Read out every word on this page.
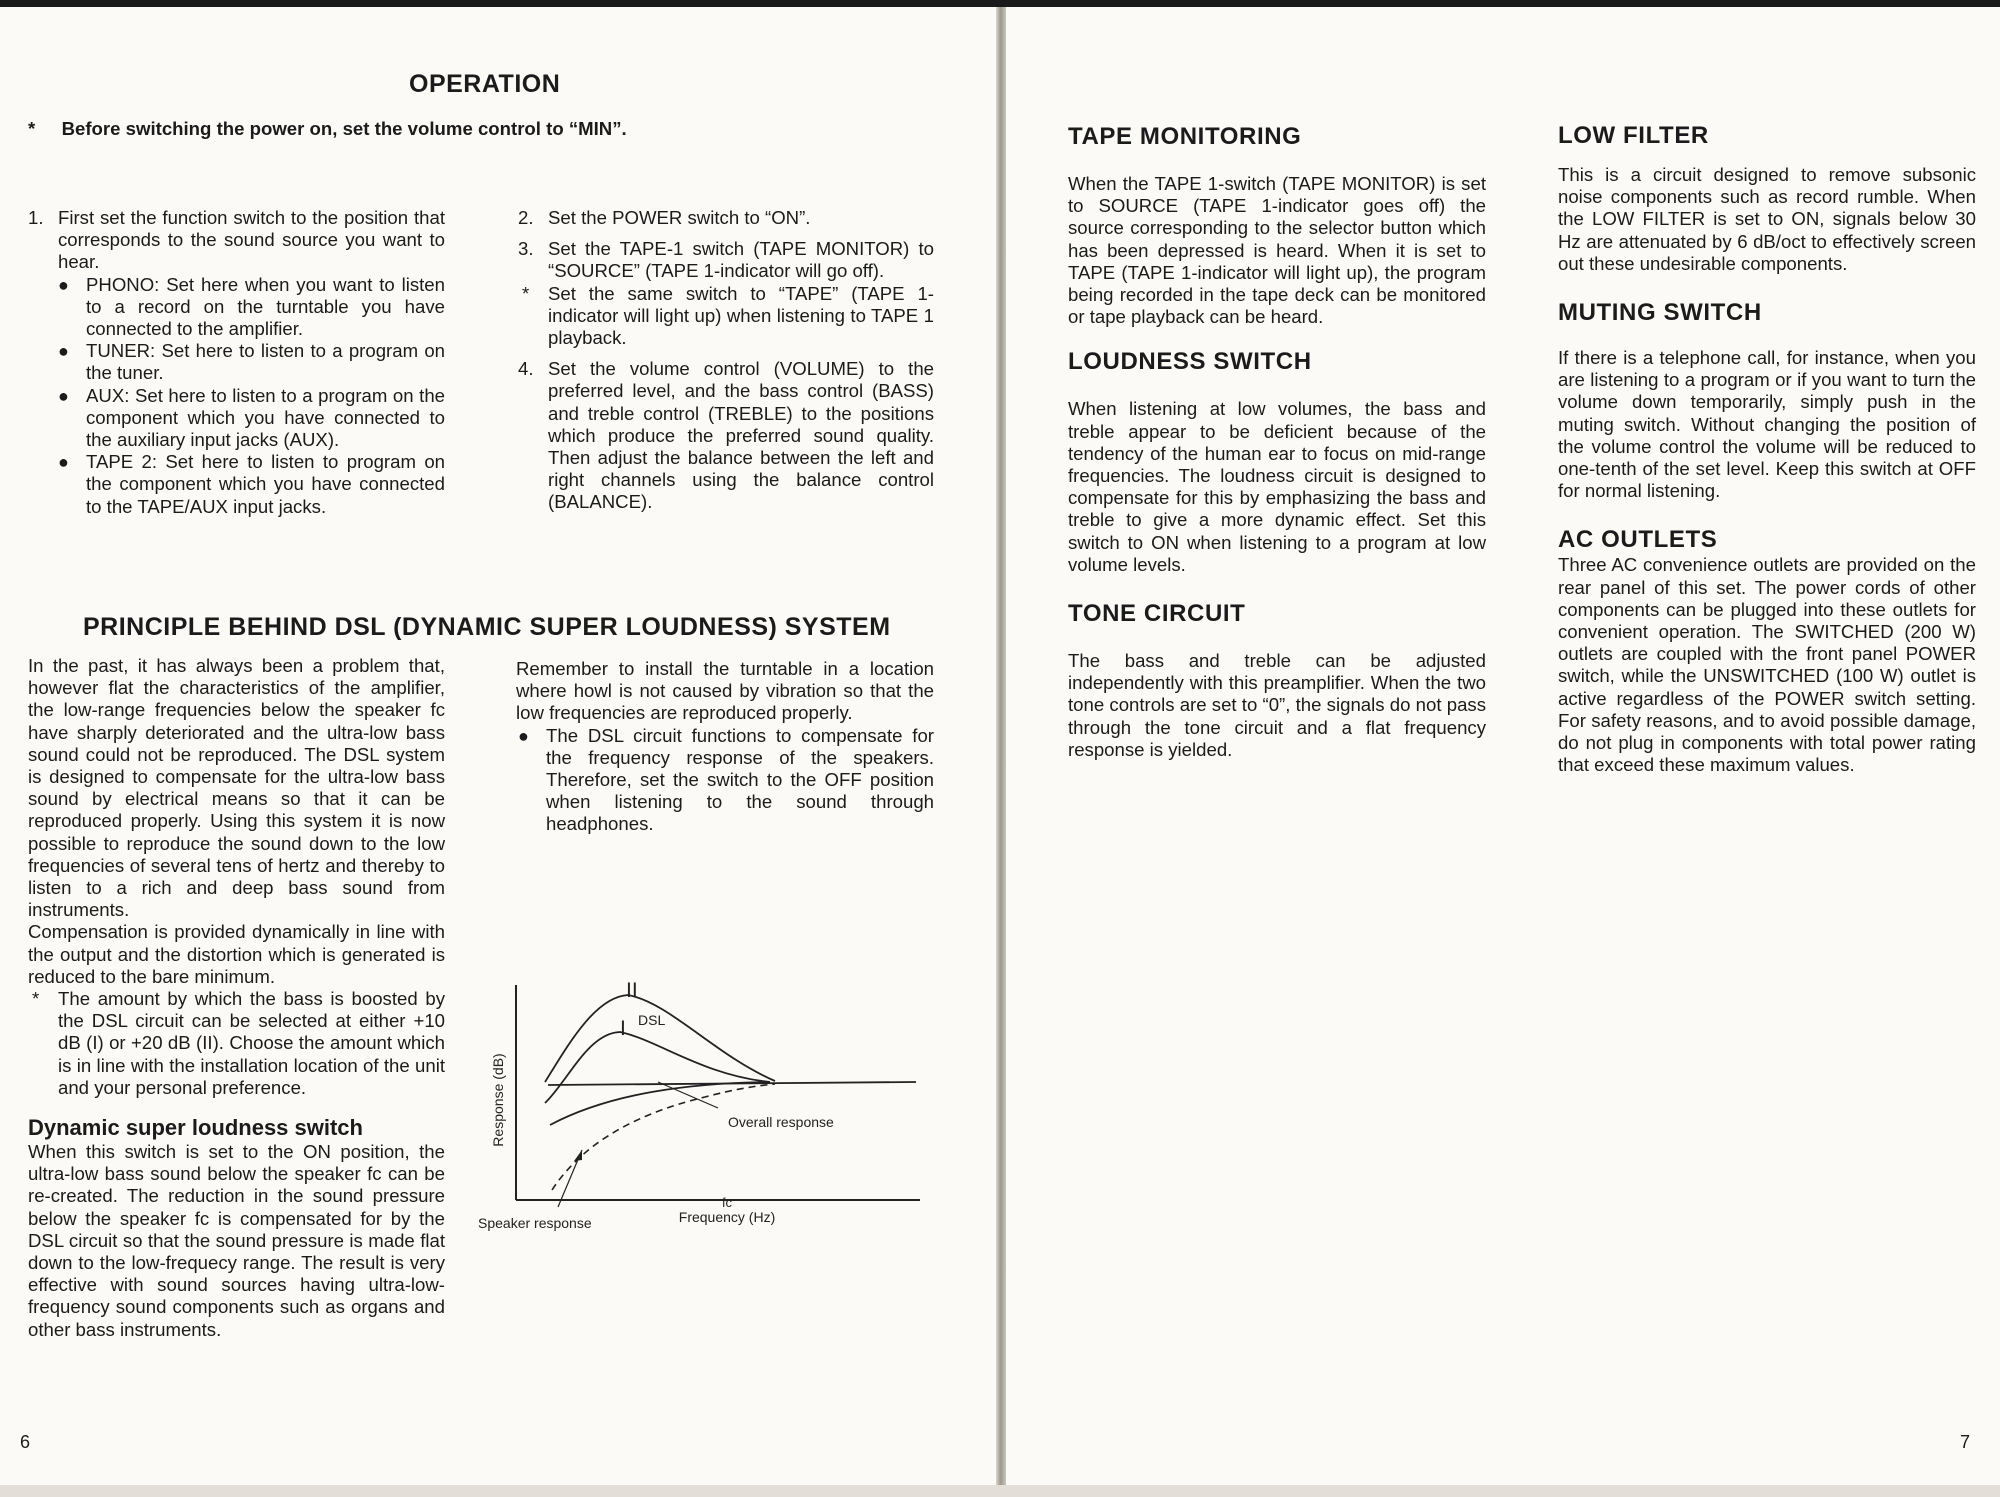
OPERATION
* Before switching the power on, set the volume control to “MIN”.
1. First set the function switch to the position that corresponds to the sound source you want to hear.
● PHONO: Set here when you want to listen to a record on the turntable you have connected to the amplifier.
● TUNER: Set here to listen to a program on the tuner.
● AUX: Set here to listen to a program on the component which you have connected to the auxiliary input jacks (AUX).
● TAPE 2: Set here to listen to program on the component which you have connected to the TAPE/AUX input jacks.
2. Set the POWER switch to “ON”.
3. Set the TAPE-1 switch (TAPE MONITOR) to “SOURCE” (TAPE 1-indicator will go off).
* Set the same switch to “TAPE” (TAPE 1-indicator will light up) when listening to TAPE 1 playback.
4. Set the volume control (VOLUME) to the preferred level, and the bass control (BASS) and treble control (TREBLE) to the positions which produce the preferred sound quality. Then adjust the balance between the left and right channels using the balance control (BALANCE).
PRINCIPLE BEHIND DSL (DYNAMIC SUPER LOUDNESS) SYSTEM

In the past, it has always been a problem that, however flat the characteristics of the amplifier, the low-range frequencies below the speaker fc have sharply deteriorated and the ultra-low bass sound could not be reproduced. The DSL system is designed to compensate for the ultra-low bass sound by electrical means so that it can be reproduced properly. Using this system it is now possible to reproduce the sound down to the low frequencies of several tens of hertz and thereby to listen to a rich and deep bass sound from instruments.

Compensation is provided dynamically in line with the output and the distortion which is generated is reduced to the bare minimum.

* The amount by which the bass is boosted by the DSL circuit can be selected at either +10 dB (I) or +20 dB (II). Choose the amount which is in line with the installation location of the unit and your personal preference.
Dynamic super loudness switch

When this switch is set to the ON position, the ultra-low bass sound below the speaker fc can be re-created. The reduction in the sound pressure below the speaker fc is compensated for by the DSL circuit so that the sound pressure is made flat down to the low-frequecy range. The result is very effective with sound sources having ultra-low-frequency sound components such as organs and other bass instruments.

Remember to install the turntable in a location where howl is not caused by vibration so that the low frequencies are reproduced properly.

● The DSL circuit functions to compensate for the frequency response of the speakers. Therefore, set the switch to the OFF position when listening to the sound through headphones.
Response (dB)
II
DSL
I
Overall response
fc
Frequency (Hz)
Speaker response
6
TAPE MONITORING

When the TAPE 1-switch (TAPE MONITOR) is set to SOURCE (TAPE 1-indicator goes off) the source corresponding to the selector button which has been depressed is heard. When it is set to TAPE (TAPE 1-indicator will light up), the program being recorded in the tape deck can be monitored or tape playback can be heard.

LOUDNESS SWITCH

When listening at low volumes, the bass and treble appear to be deficient because of the tendency of the human ear to focus on mid-range frequencies. The loudness circuit is designed to compensate for this by emphasizing the bass and treble to give a more dynamic effect. Set this switch to ON when listening to a program at low volume levels.

TONE CIRCUIT

The bass and treble can be adjusted independently with this preamplifier. When the two tone controls are set to “0”, the signals do not pass through the tone circuit and a flat frequency response is yielded.

LOW FILTER

This is a circuit designed to remove subsonic noise components such as record rumble. When the LOW FILTER is set to ON, signals below 30 Hz are attenuated by 6 dB/oct to effectively screen out these undesirable components.

MUTING SWITCH

If there is a telephone call, for instance, when you are listening to a program or if you want to turn the volume down temporarily, simply push in the muting switch. Without changing the position of the volume control the volume will be reduced to one-tenth of the set level. Keep this switch at OFF for normal listening.

AC OUTLETS

Three AC convenience outlets are provided on the rear panel of this set. The power cords of other components can be plugged into these outlets for convenient operation. The SWITCHED (200 W) outlets are coupled with the front panel POWER switch, while the UNSWITCHED (100 W) outlet is active regardless of the POWER switch setting. For safety reasons, and to avoid possible damage, do not plug in components with total power rating that exceed these maximum values.

7
